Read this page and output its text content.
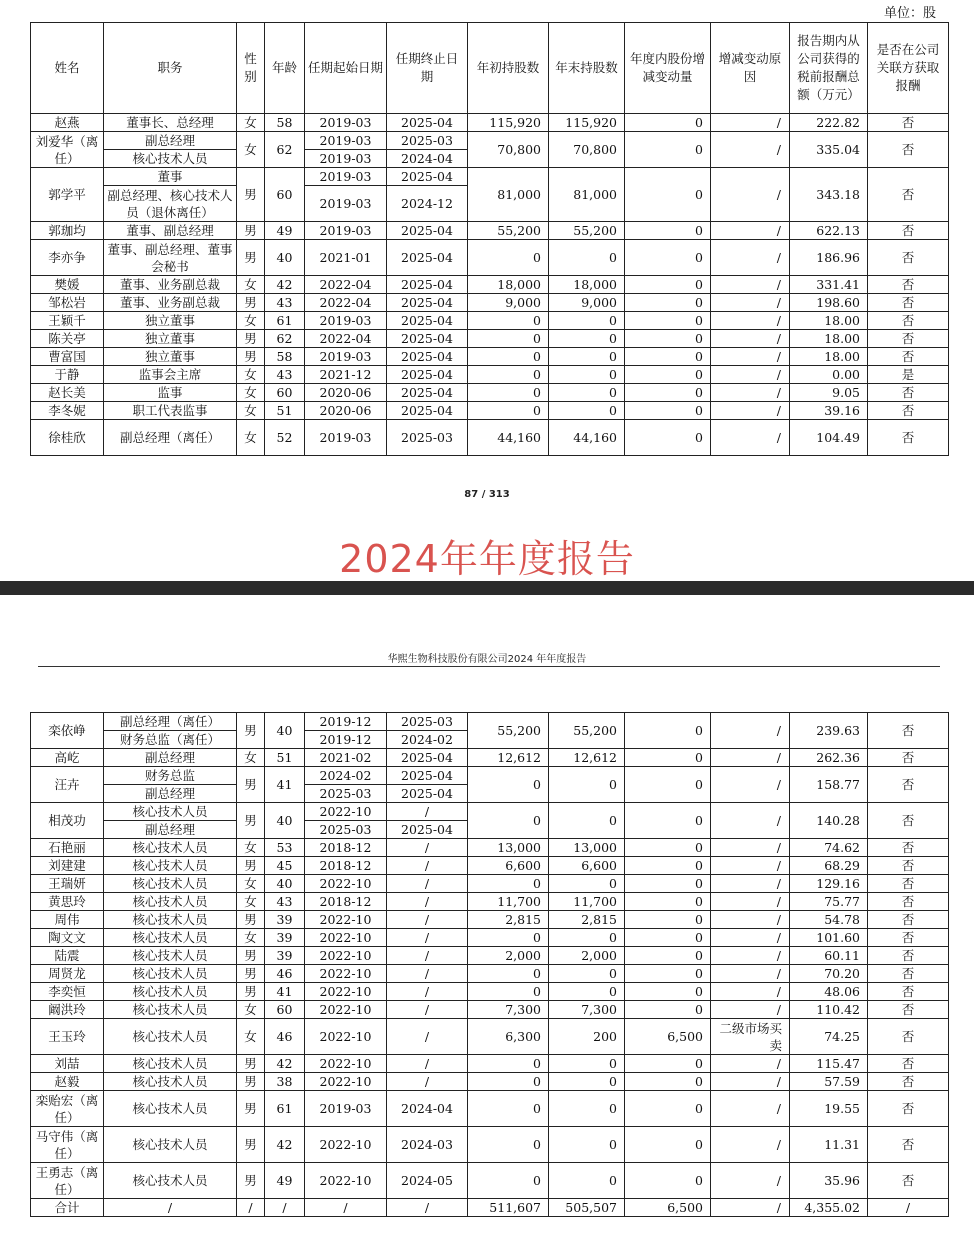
单位：股
姓名	职务	性别	年龄	任期起始日期	任期终止日期	年初持股数	年末持股数	年度内股份增减变动量	增减变动原因	报告期内从公司获得的税前报酬总额（万元）	是否在公司关联方获取报酬
赵燕	董事长、总经理	女	58	2019-03	2025-04	115,920	115,920	0	/	222.82	否
刘爱华（离任）	副总经理	女	62	2019-03	2025-03	70,800	70,800	0	/	335.04	否
	核心技术人员			2019-03	2024-04						
郭学平	董事	男	60	2019-03	2025-04	81,000	81,000	0	/	343.18	否
	副总经理、核心技术人员（退休离任）			2019-03	2024-12						
郭珈均	董事、副总经理	男	49	2019-03	2025-04	55,200	55,200	0	/	622.13	否
李亦争	董事、副总经理、董事会秘书	男	40	2021-01	2025-04	0	0	0	/	186.96	否
樊媛	董事、业务副总裁	女	42	2022-04	2025-04	18,000	18,000	0	/	331.41	否
邹松岩	董事、业务副总裁	男	43	2022-04	2025-04	9,000	9,000	0	/	198.60	否
王颖千	独立董事	女	61	2019-03	2025-04	0	0	0	/	18.00	否
陈关亭	独立董事	男	62	2022-04	2025-04	0	0	0	/	18.00	否
曹富国	独立董事	男	58	2019-03	2025-04	0	0	0	/	18.00	否
于静	监事会主席	女	43	2021-12	2025-04	0	0	0	/	0.00	是
赵长美	监事	女	60	2020-06	2025-04	0	0	0	/	9.05	否
李冬妮	职工代表监事	女	51	2020-06	2025-04	0	0	0	/	39.16	否
徐桂欣	副总经理（离任）	女	52	2019-03	2025-03	44,160	44,160	0	/	104.49	否
87 / 313
2024年年度报告
华熙生物科技股份有限公司2024 年年度报告
栾依峥	副总经理（离任）	男	40	2019-12	2025-03	55,200	55,200	0	/	239.63	否
	财务总监（离任）			2019-12	2024-02						
高屹	副总经理	女	51	2021-02	2025-04	12,612	12,612	0	/	262.36	否
汪卉	财务总监	男	41	2024-02	2025-04	0	0	0	/	158.77	否
	副总经理			2025-03	2025-04						
相茂功	核心技术人员	男	40	2022-10	/	0	0	0	/	140.28	否
	副总经理			2025-03	2025-04						
石艳丽	核心技术人员	女	53	2018-12	/	13,000	13,000	0	/	74.62	否
刘建建	核心技术人员	男	45	2018-12	/	6,600	6,600	0	/	68.29	否
王瑞妍	核心技术人员	女	40	2022-10	/	0	0	0	/	129.16	否
黄思玲	核心技术人员	女	43	2018-12	/	11,700	11,700	0	/	75.77	否
周伟	核心技术人员	男	39	2022-10	/	2,815	2,815	0	/	54.78	否
陶文文	核心技术人员	女	39	2022-10	/	0	0	0	/	101.60	否
陆震	核心技术人员	男	39	2022-10	/	2,000	2,000	0	/	60.11	否
周贤龙	核心技术人员	男	46	2022-10	/	0	0	0	/	70.20	否
李奕恒	核心技术人员	男	41	2022-10	/	0	0	0	/	48.06	否
阚洪玲	核心技术人员	女	60	2022-10	/	7,300	7,300	0	/	110.42	否
王玉玲	核心技术人员	女	46	2022-10	/	6,300	200	6,500	二级市场买卖	74.25	否
刘喆	核心技术人员	男	42	2022-10	/	0	0	0	/	115.47	否
赵毅	核心技术人员	男	38	2022-10	/	0	0	0	/	57.59	否
栾贻宏（离任）	核心技术人员	男	61	2019-03	2024-04	0	0	0	/	19.55	否
马守伟（离任）	核心技术人员	男	42	2022-10	2024-03	0	0	0	/	11.31	否
王勇志（离任）	核心技术人员	男	49	2022-10	2024-05	0	0	0	/	35.96	否
合计	/	/	/	/	/	511,607	505,507	6,500	/	4,355.02	/
